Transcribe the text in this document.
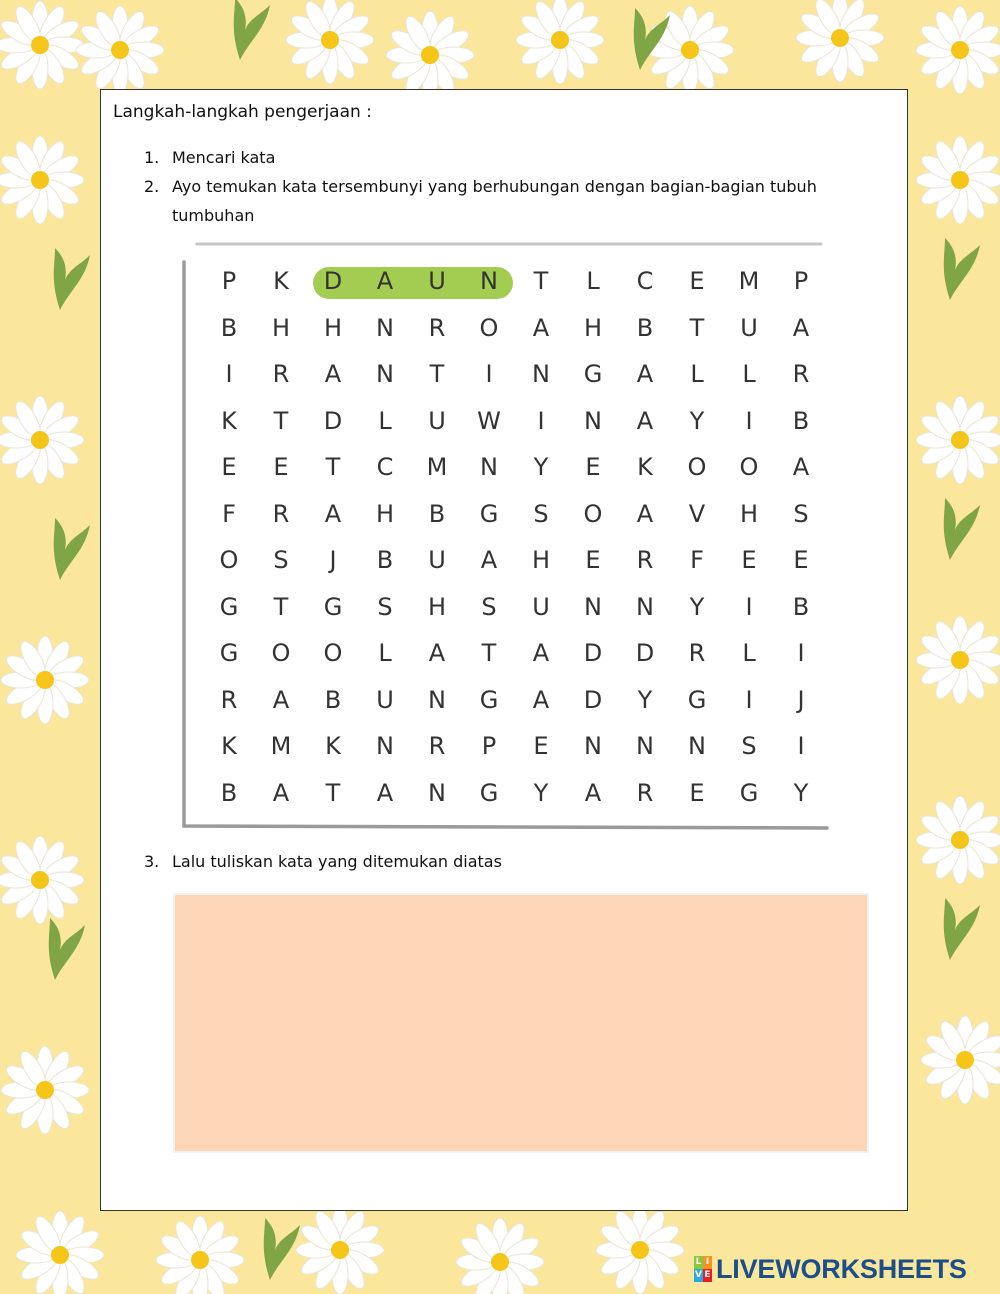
Langkah-langkah pengerjaan :
1. Mencari kata
2. Ayo temukan kata tersembunyi yang berhubungan dengan bagian-bagian tubuh tumbuhan
P	K	D	A	U	N	T	L	C	E	M	P
B	H	H	N	R	O	A	H	B	T	U	A
I	R	A	N	T	I	N	G	A	L	L	R
K	T	D	L	U	W	I	N	A	Y	I	B
E	E	T	C	M	N	Y	E	K	O	O	A
F	R	A	H	B	G	S	O	A	V	H	S
O	S	J	B	U	A	H	E	R	F	E	E
G	T	G	S	H	S	U	N	N	Y	I	B
G	O	O	L	A	T	A	D	D	R	L	I
R	A	B	U	N	G	A	D	Y	G	I	J
K	M	K	N	R	P	E	N	N	N	S	I
B	A	T	A	N	G	Y	A	R	E	G	Y
3. Lalu tuliskan kata yang ditemukan diatas
L I
V E LIVEWORKSHEETS
